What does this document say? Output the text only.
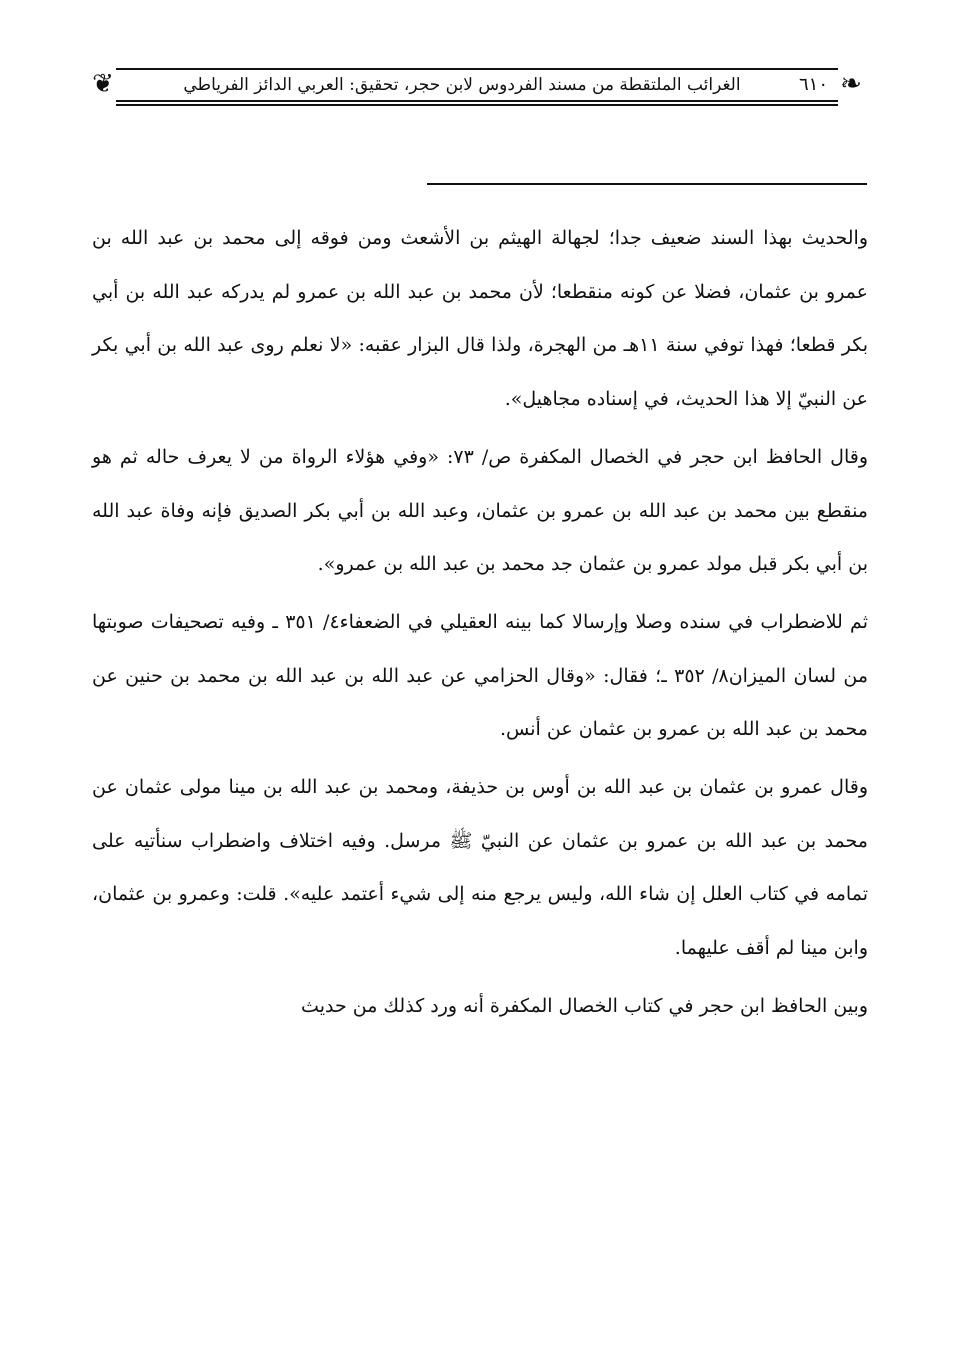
❦	الغرائب الملتقطة من مسند الفردوس لابن حجر، تحقيق: العربي الدائز الفرياطي	٦١٠ ❧

والحديث بهذا السند ضعيف جدا؛ لجهالة الهيثم بن الأشعث ومن فوقه إلى محمد بن عبد الله بن عمرو بن عثمان، فضلا عن كونه منقطعا؛ لأن محمد بن عبد الله بن عمرو لم يدركه عبد الله بن أبي بكر قطعا؛ فهذا توفي سنة ١١هـ من الهجرة، ولذا قال البزار عقبه: «لا نعلم روى عبد الله بن أبي بكر عن النبيّ إلا هذا الحديث، في إسناده مجاهيل».

وقال الحافظ ابن حجر في الخصال المكفرة ص/ ٧٣: «وفي هؤلاء الرواة من لا يعرف حاله ثم هو منقطع بين محمد بن عبد الله بن عمرو بن عثمان، وعبد الله بن أبي بكر الصديق فإنه وفاة عبد الله بن أبي بكر قبل مولد عمرو بن عثمان جد محمد بن عبد الله بن عمرو».

ثم للاضطراب في سنده وصلا وإرسالا كما بينه العقيلي في الضعفاء٤/ ٣٥١ ـ وفيه تصحيفات صوبتها من لسان الميزان٨/ ٣٥٢ ـ؛ فقال: «وقال الحزامي عن عبد الله بن عبد الله بن محمد بن حنين عن محمد بن عبد الله بن عمرو بن عثمان عن أنس.

وقال عمرو بن عثمان بن عبد الله بن أوس بن حذيفة، ومحمد بن عبد الله بن مينا مولى عثمان عن محمد بن عبد الله بن عمرو بن عثمان عن النبيّ ﷺ مرسل. وفيه اختلاف واضطراب سنأتيه على تمامه في كتاب العلل إن شاء الله، وليس يرجع منه إلى شيء أعتمد عليه». قلت: وعمرو بن عثمان، وابن مينا لم أقف عليهما.

وبين الحافظ ابن حجر في كتاب الخصال المكفرة أنه ورد كذلك من حديث
